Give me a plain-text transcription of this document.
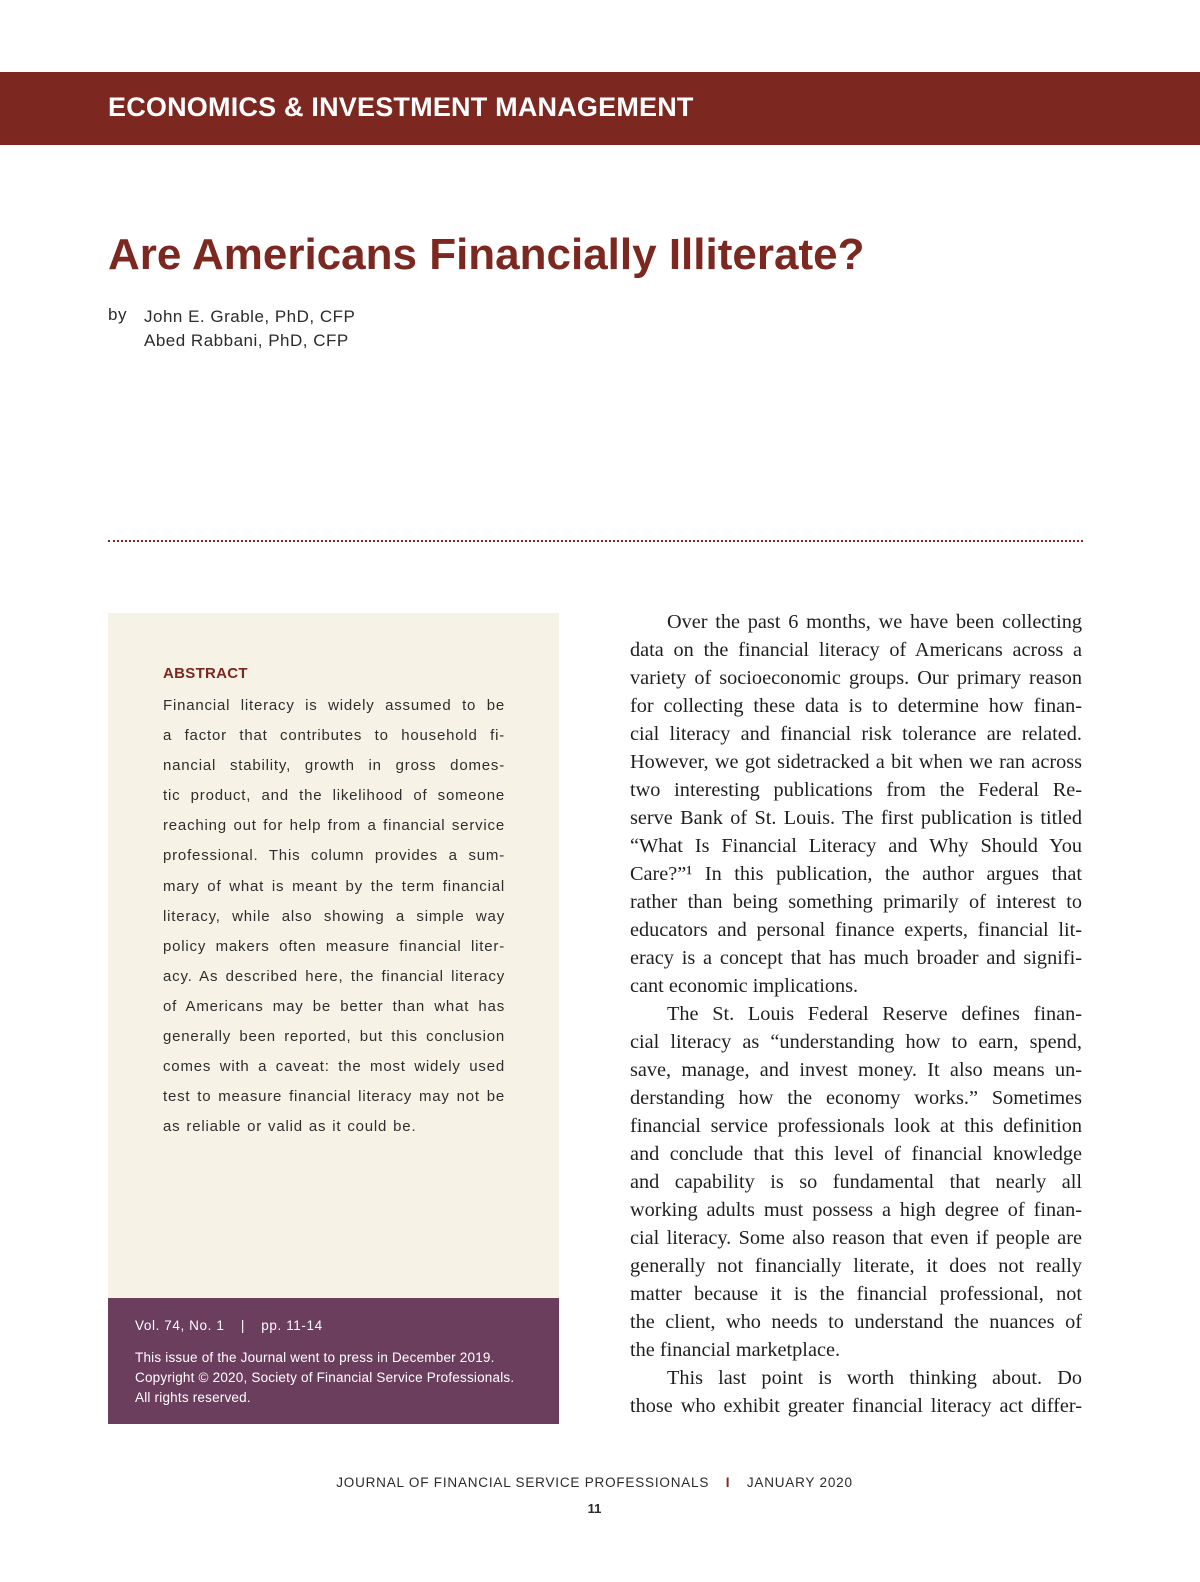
ECONOMICS & INVESTMENT MANAGEMENT
Are Americans Financially Illiterate?
by John E. Grable, PhD, CFP
Abed Rabbani, PhD, CFP
ABSTRACT
Financial literacy is widely assumed to be
a factor that contributes to household fi-
nancial stability, growth in gross domes-
tic product, and the likelihood of someone
reaching out for help from a financial service
professional. This column provides a sum-
mary of what is meant by the term financial
literacy, while also showing a simple way
policy makers often measure financial liter-
acy. As described here, the financial literacy
of Americans may be better than what has
generally been reported, but this conclusion
comes with a caveat: the most widely used
test to measure financial literacy may not be
as reliable or valid as it could be.
Vol. 74, No. 1 | pp. 11-14
This issue of the Journal went to press in December 2019.
Copyright © 2020, Society of Financial Service Professionals.
All rights reserved.
Over the past 6 months, we have been collecting
data on the financial literacy of Americans across a
variety of socioeconomic groups. Our primary reason
for collecting these data is to determine how finan-
cial literacy and financial risk tolerance are related.
However, we got sidetracked a bit when we ran across
two interesting publications from the Federal Re-
serve Bank of St. Louis. The first publication is titled
“What Is Financial Literacy and Why Should You
Care?”¹ In this publication, the author argues that
rather than being something primarily of interest to
educators and personal finance experts, financial lit-
eracy is a concept that has much broader and signifi-
cant economic implications.
The St. Louis Federal Reserve defines finan-
cial literacy as “understanding how to earn, spend,
save, manage, and invest money. It also means un-
derstanding how the economy works.” Sometimes
financial service professionals look at this definition
and conclude that this level of financial knowledge
and capability is so fundamental that nearly all
working adults must possess a high degree of finan-
cial literacy. Some also reason that even if people are
generally not financially literate, it does not really
matter because it is the financial professional, not
the client, who needs to understand the nuances of
the financial marketplace.
This last point is worth thinking about. Do
those who exhibit greater financial literacy act differ-
JOURNAL OF FINANCIAL SERVICE PROFESSIONALS I JANUARY 2020
11
